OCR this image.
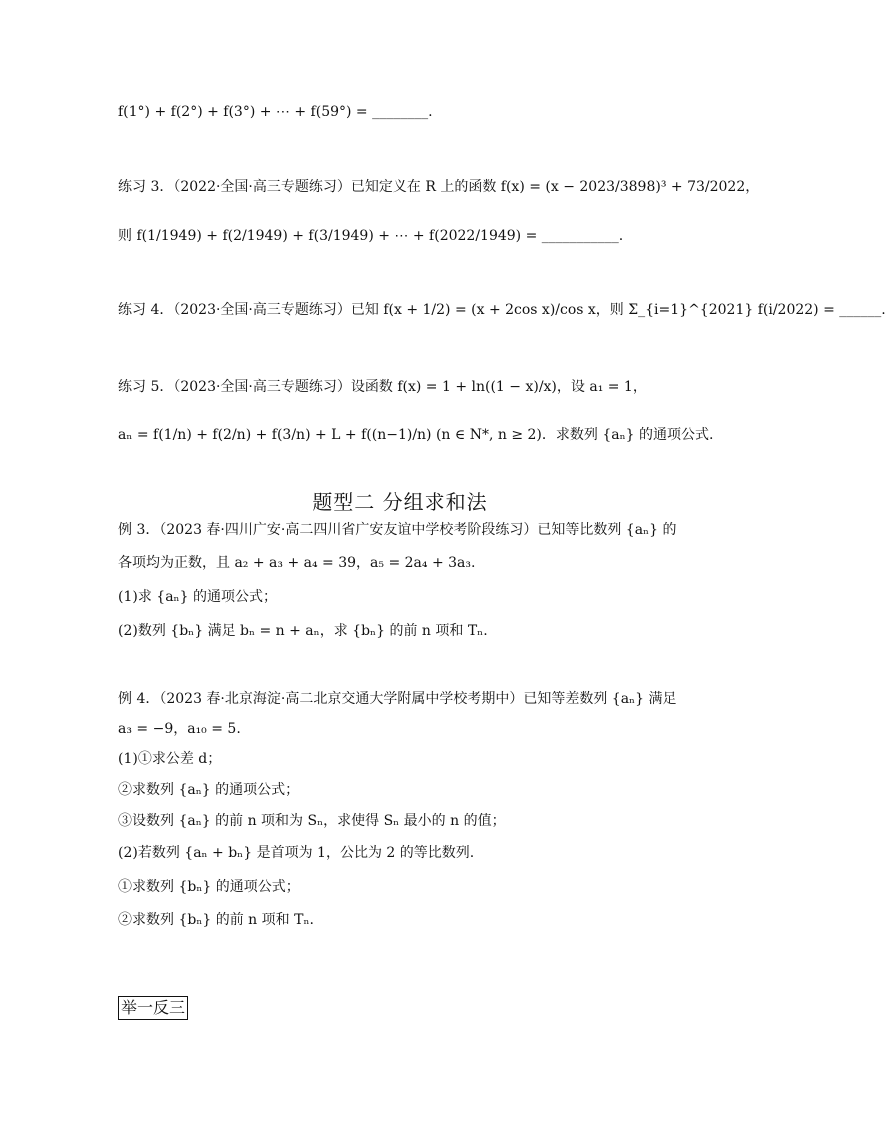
f(1°) + f(2°) + f(3°) + ⋯ + f(59°) = ________.
练习 3．（2022·全国·高三专题练习）已知定义在 R 上的函数 f(x) = (x − 2023/3898)³ + 73/2022，
则 f(1/1949) + f(2/1949) + f(3/1949) + ⋯ + f(2022/1949) = ___________.
练习 4．（2023·全国·高三专题练习）已知 f(x + 1/2) = (x + 2cos x)/cos x，则 Σ_{i=1}^{2021} f(i/2022) = ______.
练习 5．（2023·全国·高三专题练习）设函数 f(x) = 1 + ln((1 − x)/x)，设 a₁ = 1，
aₙ = f(1/n) + f(2/n) + f(3/n) + L + f((n−1)/n) (n ∈ N*, n ≥ 2)．求数列 {aₙ} 的通项公式.
题型二 分组求和法
例 3．（2023 春·四川广安·高二四川省广安友谊中学校考阶段练习）已知等比数列 {aₙ} 的
各项均为正数，且 a₂ + a₃ + a₄ = 39，a₅ = 2a₄ + 3a₃.
(1)求 {aₙ} 的通项公式；
(2)数列 {bₙ} 满足 bₙ = n + aₙ，求 {bₙ} 的前 n 项和 Tₙ.
例 4．（2023 春·北京海淀·高二北京交通大学附属中学校考期中）已知等差数列 {aₙ} 满足
a₃ = −9，a₁₀ = 5.
(1)①求公差 d；
②求数列 {aₙ} 的通项公式；
③设数列 {aₙ} 的前 n 项和为 Sₙ，求使得 Sₙ 最小的 n 的值；
(2)若数列 {aₙ + bₙ} 是首项为 1，公比为 2 的等比数列.
①求数列 {bₙ} 的通项公式；
②求数列 {bₙ} 的前 n 项和 Tₙ.
举一反三
